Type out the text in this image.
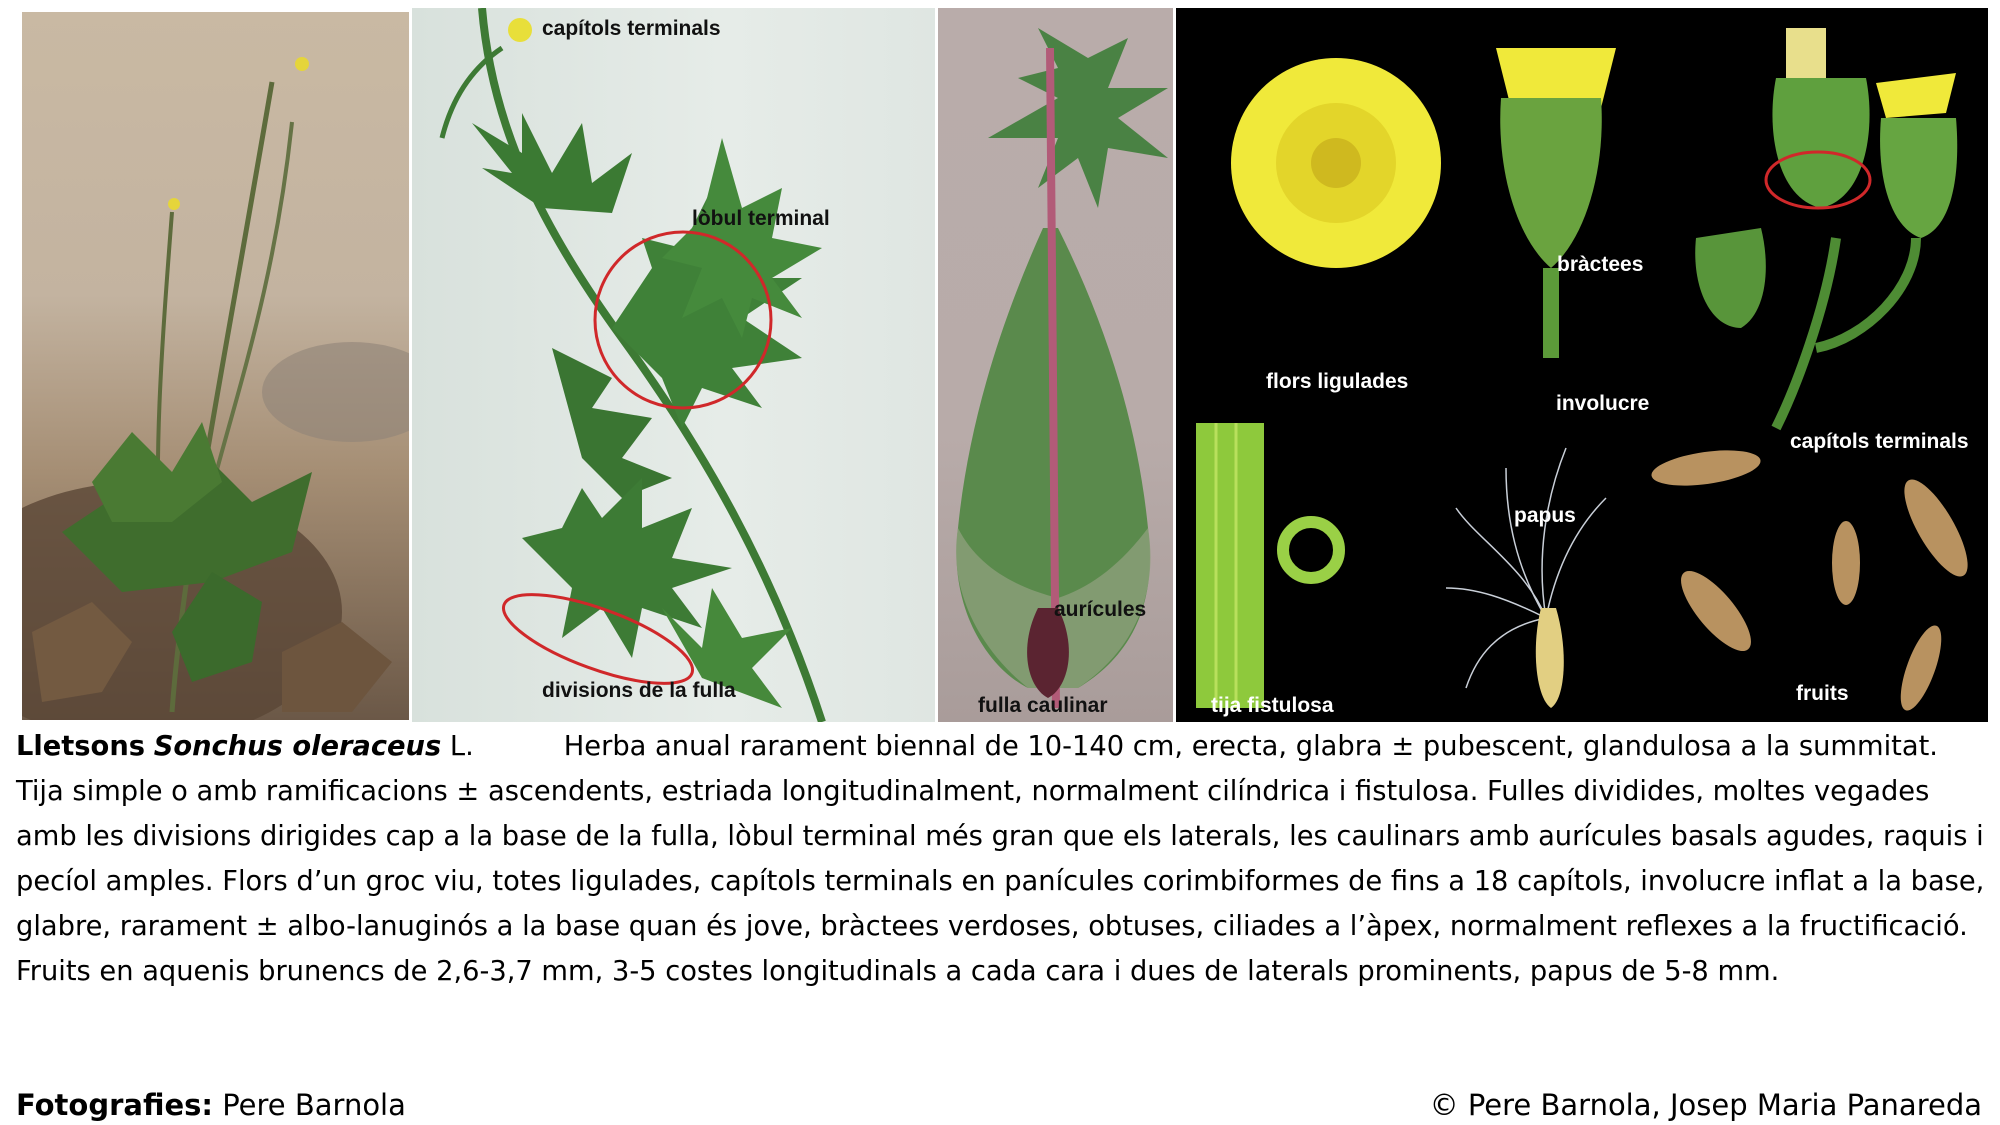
capítols terminals
lòbul terminal
divisions de la fulla
aurícules
fulla caulinar
flors ligulades
bràctees
involucre
capítols terminals
papus
tija fistulosa
fruits

Lletsons Sonchus oleraceus L.	Herba anual rarament biennal de 10-140 cm, erecta, glabra ± pubescent, glandulosa a la summitat. Tija simple o amb ramificacions ± ascendents, estriada longitudinalment, normalment cilíndrica i fistulosa. Fulles dividides, moltes vegades amb les divisions dirigides cap a la base de la fulla, lòbul terminal més gran que els laterals, les caulinars amb aurícules basals agudes, raquis i pecíol amples. Flors d’un groc viu, totes ligulades, capítols terminals en panícules corimbiformes de fins a 18 capítols, involucre inflat a la base, glabre, rarament ± albo-lanuginós a la base quan és jove, bràctees verdoses, obtuses, ciliades a l’àpex, normalment reflexes a la fructificació. Fruits en aquenis brunencs de 2,6-3,7 mm, 3-5 costes longitudinals a cada cara i dues de laterals prominents, papus de 5-8 mm.

Fotografies: Pere Barnola	© Pere Barnola, Josep Maria Panareda
